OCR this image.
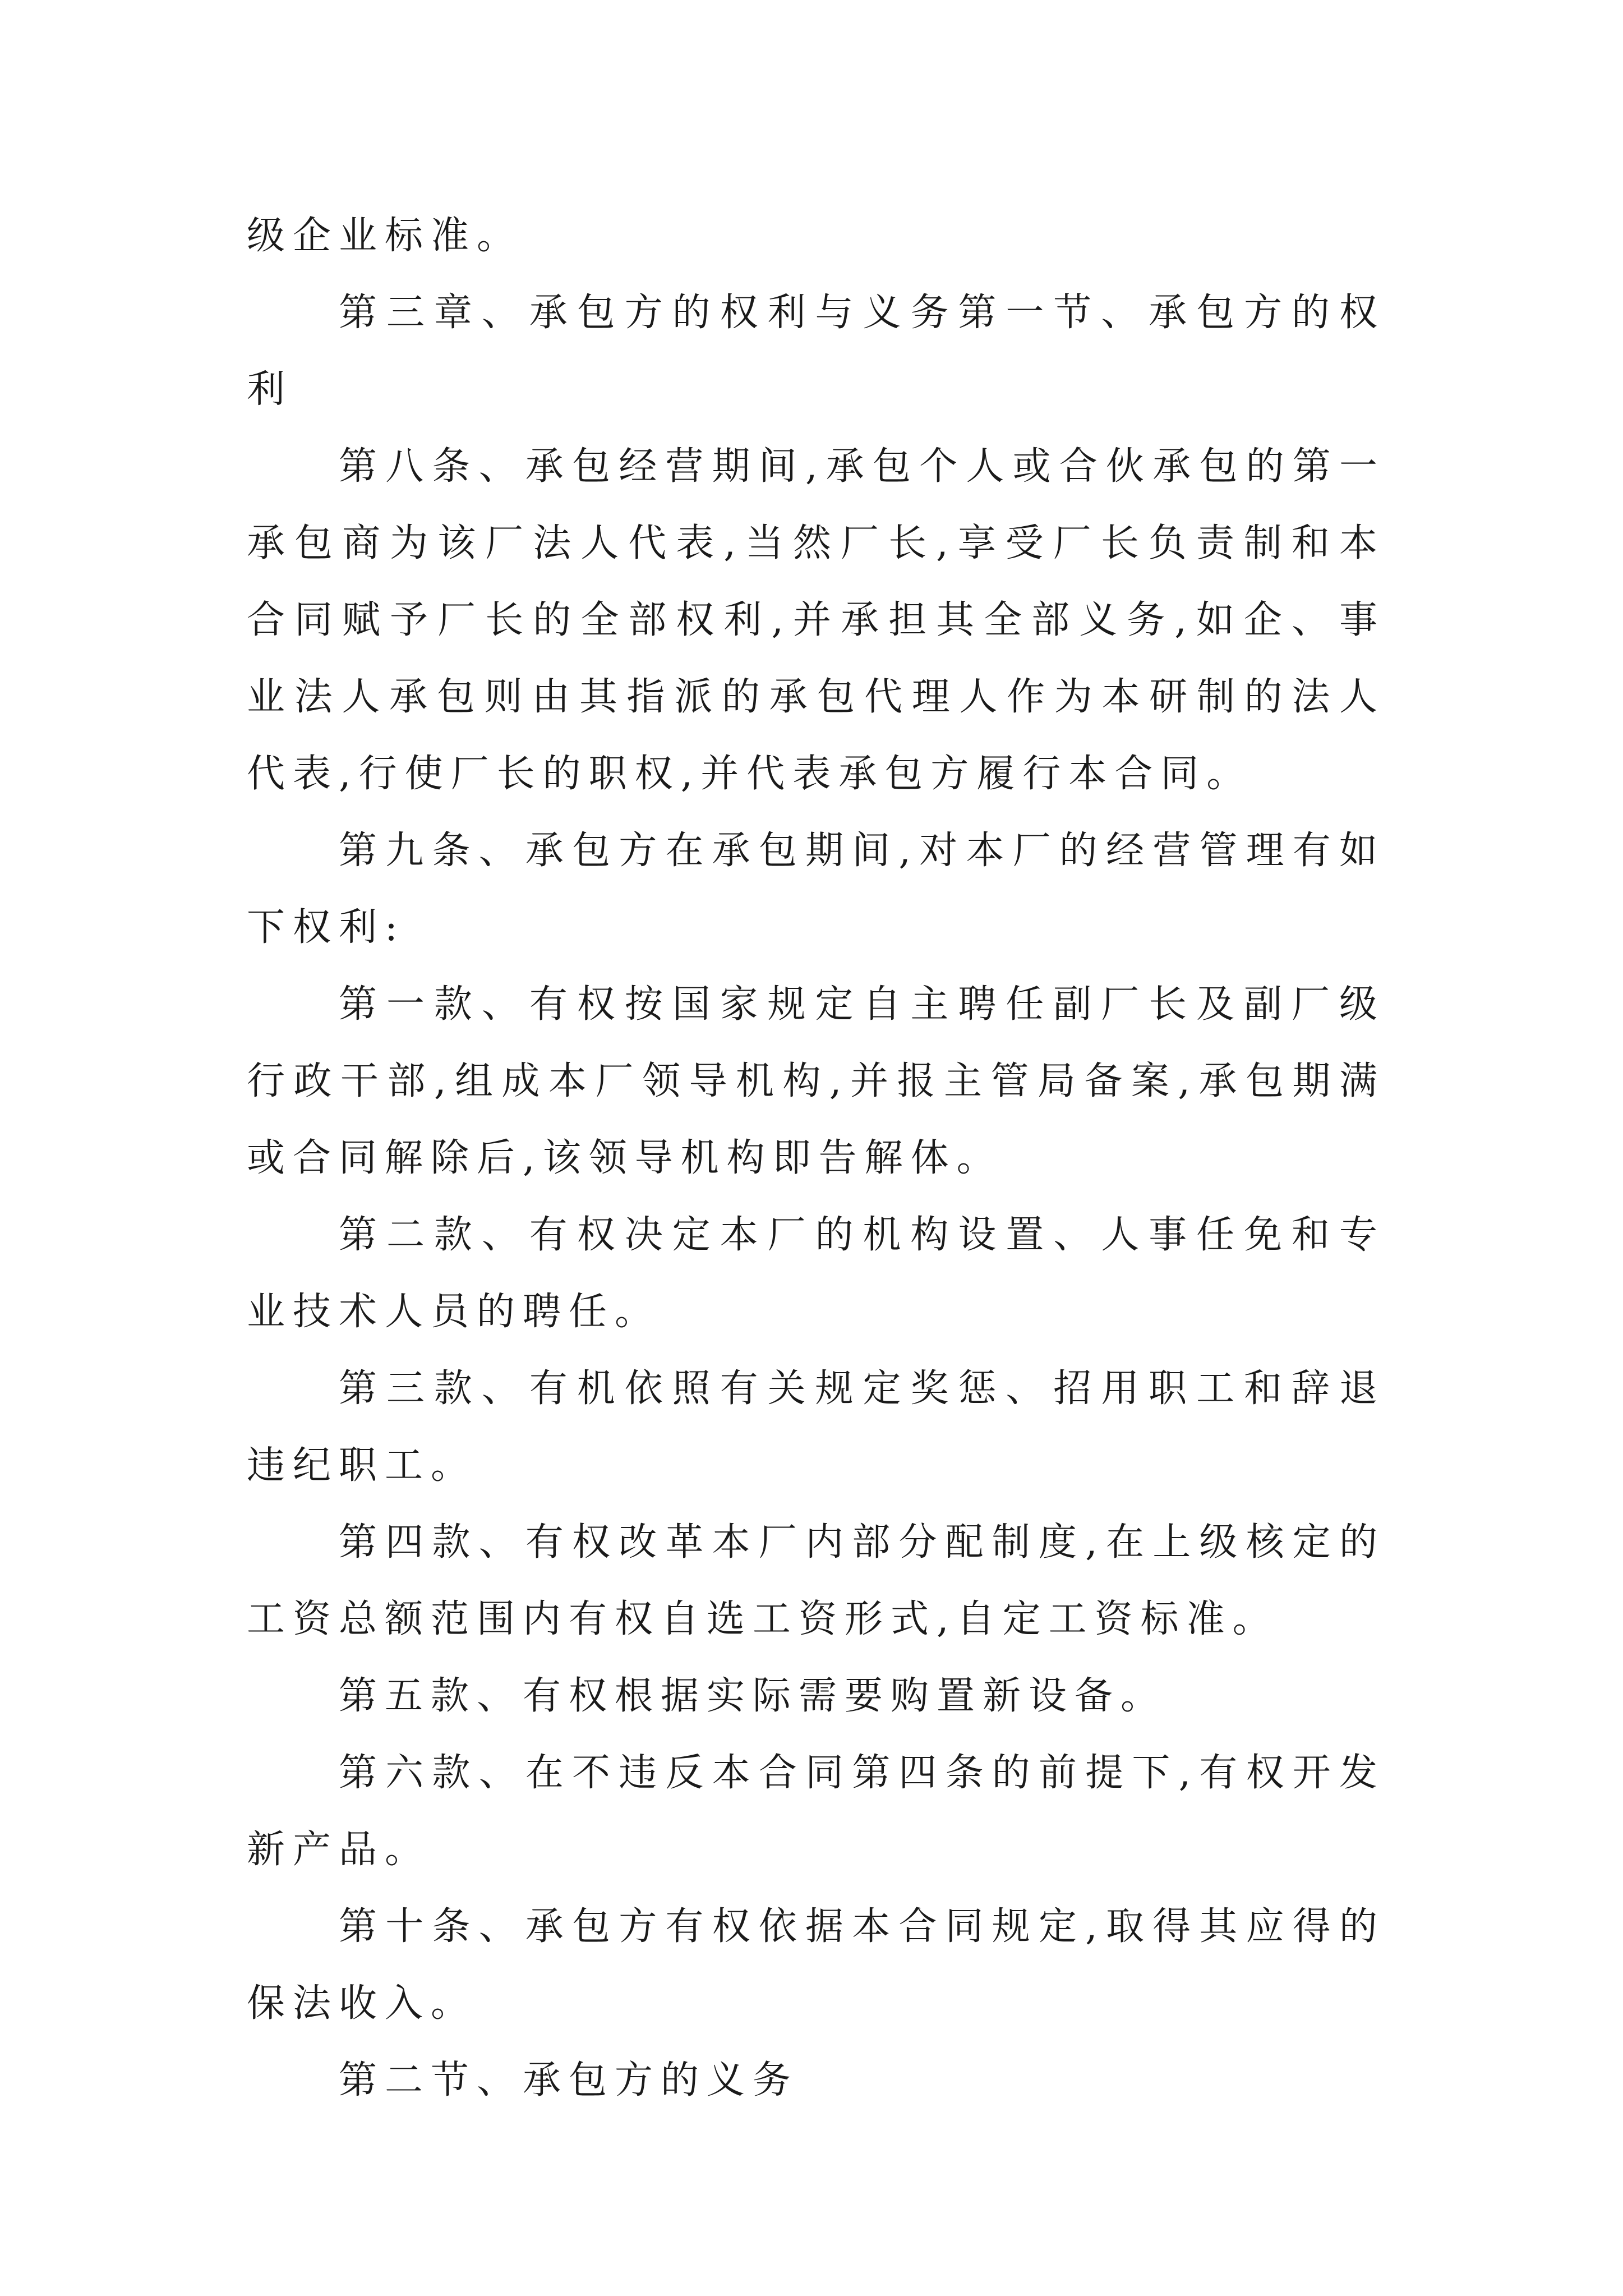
级企业标准。

第三章、承包方的权利与义务第一节、承包方的权利

第八条、承包经营期间,承包个人或合伙承包的第一承包商为该厂法人代表,当然厂长,享受厂长负责制和本合同赋予厂长的全部权利,并承担其全部义务,如企、事业法人承包则由其指派的承包代理人作为本研制的法人代表,行使厂长的职权,并代表承包方履行本合同。

第九条、承包方在承包期间,对本厂的经营管理有如下权利:

第一款、有权按国家规定自主聘任副厂长及副厂级行政干部,组成本厂领导机构,并报主管局备案,承包期满或合同解除后,该领导机构即告解体。

第二款、有权决定本厂的机构设置、人事任免和专业技术人员的聘任。

第三款、有机依照有关规定奖惩、招用职工和辞退违纪职工。

第四款、有权改革本厂内部分配制度,在上级核定的工资总额范围内有权自选工资形式,自定工资标准。

第五款、有权根据实际需要购置新设备。

第六款、在不违反本合同第四条的前提下,有权开发新产品。

第十条、承包方有权依据本合同规定,取得其应得的保法收入。

第二节、承包方的义务
